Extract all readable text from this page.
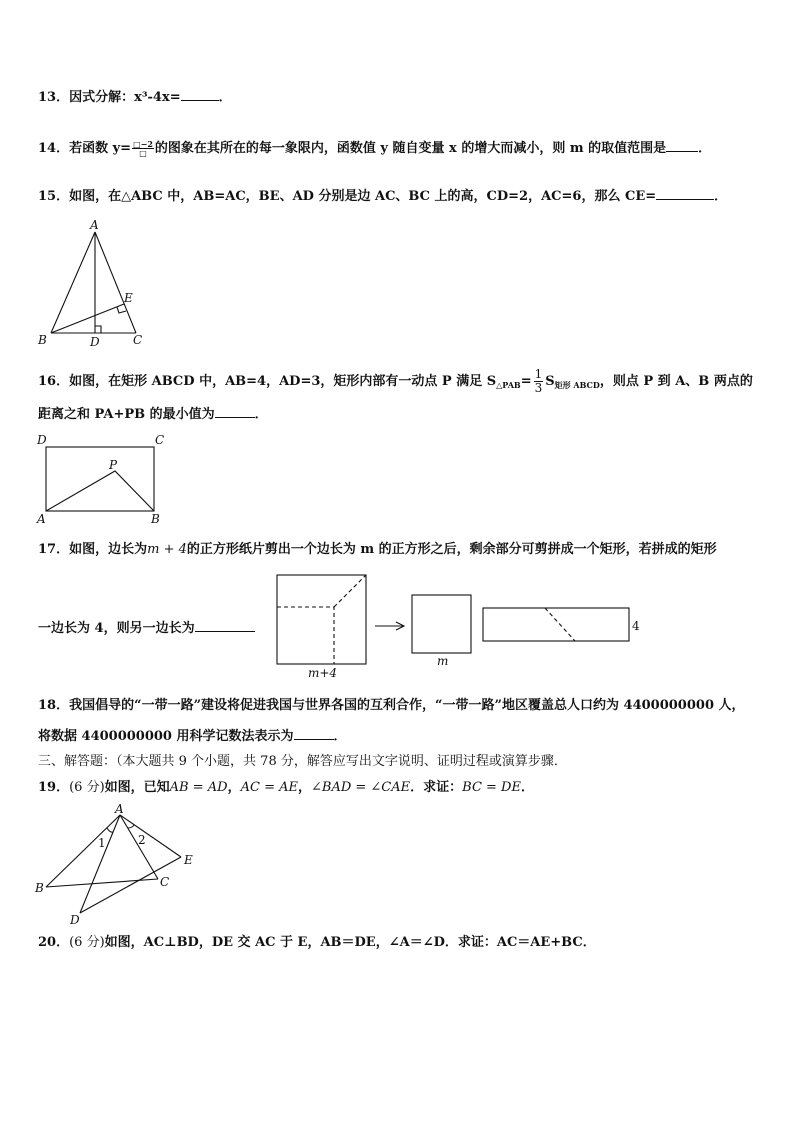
13．因式分解：x³-4x=	．
14．若函数 $y= \frac{□-2}{□}$ 的图象在其所在的每一象限内，函数值 y 随自变量 x 的增大而减小，则 m 的取值范围是 ．
15．如图，在△ABC 中，AB=AC，BE、AD 分别是边 AC、BC 上的高，CD=2，AC=6，那么 CE=	．
A
B	C
D
E
16．如图，在矩形 ABCD 中，AB=4，AD=3，矩形内部有一动点 P 满足 $S_{\triangle PAB}= \frac{1}{3} S_{矩形 ABCD}$，则点 P 到 A、B 两点的
距离之和 PA+PB 的最小值为	．
D	C
P
A	B
17．如图，边长为m + 4的正方形纸片剪出一个边长为 m 的正方形之后，剩余部分可剪拼成一个矩形，若拼成的矩形
一边长为 4，则另一边长为
m+4
m
4
18．我国倡导的“一带一路”建设将促进我国与世界各国的互利合作，“一带一路”地区覆盖总人口约为 4400000000 人，
将数据 4400000000 用科学记数法表示为	．
三、解答题：（本大题共 9 个小题，共 78 分，解答应写出文字说明、证明过程或演算步骤．
19．(6 分)如图，已知AB = AD，AC = AE，∠BAD = ∠CAE．求证：BC = DE．
A
B	C
D
E
1	2
20．(6 分)如图，AC⊥BD，DE 交 AC 于 E，AB＝DE，∠A＝∠D．求证：AC＝AE+BC．
